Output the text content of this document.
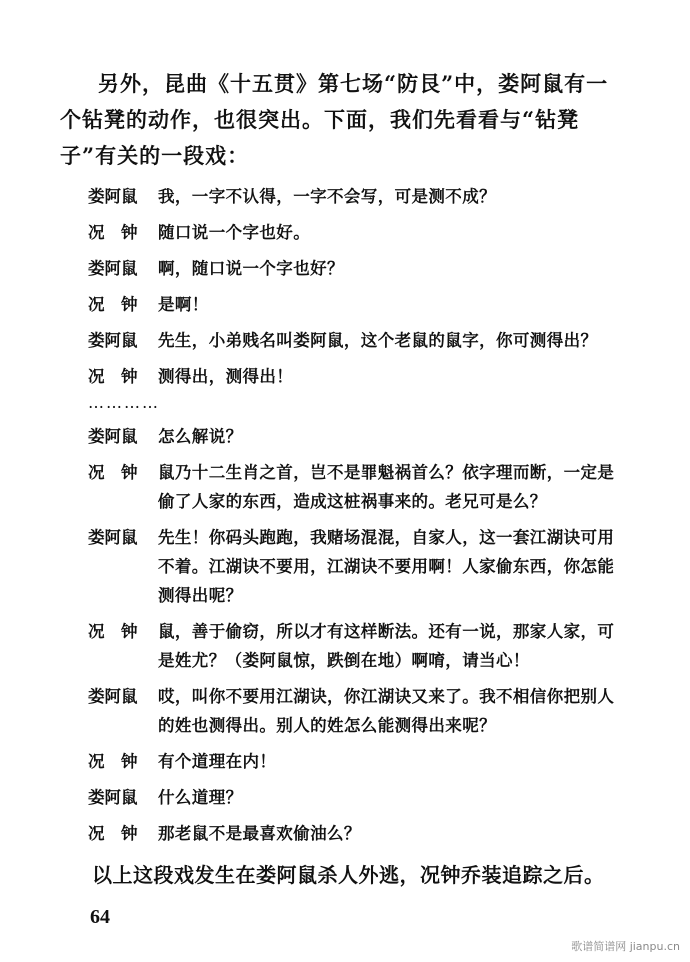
另外，昆曲《十五贯》第七场“防艮”中，娄阿鼠有一个钻凳的动作，也很突出。下面，我们先看看与“钻凳子”有关的一段戏：
娄阿鼠	我，一字不认得，一字不会写，可是测不成？
况　钟	随口说一个字也好。
娄阿鼠	啊，随口说一个字也好？
况　钟	是啊！
娄阿鼠	先生，小弟贱名叫娄阿鼠，这个老鼠的鼠字，你可测得出？
况　钟	测得出，测得出！
…………
娄阿鼠	怎么解说？
况　钟	鼠乃十二生肖之首，岂不是罪魁祸首么？依字理而断，一定是偷了人家的东西，造成这桩祸事来的。老兄可是么？
娄阿鼠	先生！你码头跑跑，我赌场混混，自家人，这一套江湖诀可用不着。江湖诀不要用，江湖诀不要用啊！人家偷东西，你怎能测得出呢？
况　钟	鼠，善于偷窃，所以才有这样断法。还有一说，那家人家，可是姓尤？（娄阿鼠惊，跌倒在地）啊唷，请当心！
娄阿鼠	哎，叫你不要用江湖诀，你江湖诀又来了。我不相信你把别人的姓也测得出。别人的姓怎么能测得出来呢？
况　钟	有个道理在内！
娄阿鼠	什么道理？
况　钟	那老鼠不是最喜欢偷油么？
以上这段戏发生在娄阿鼠杀人外逃，况钟乔装追踪之后。
64
歌谱简谱网 jianpu.cn
